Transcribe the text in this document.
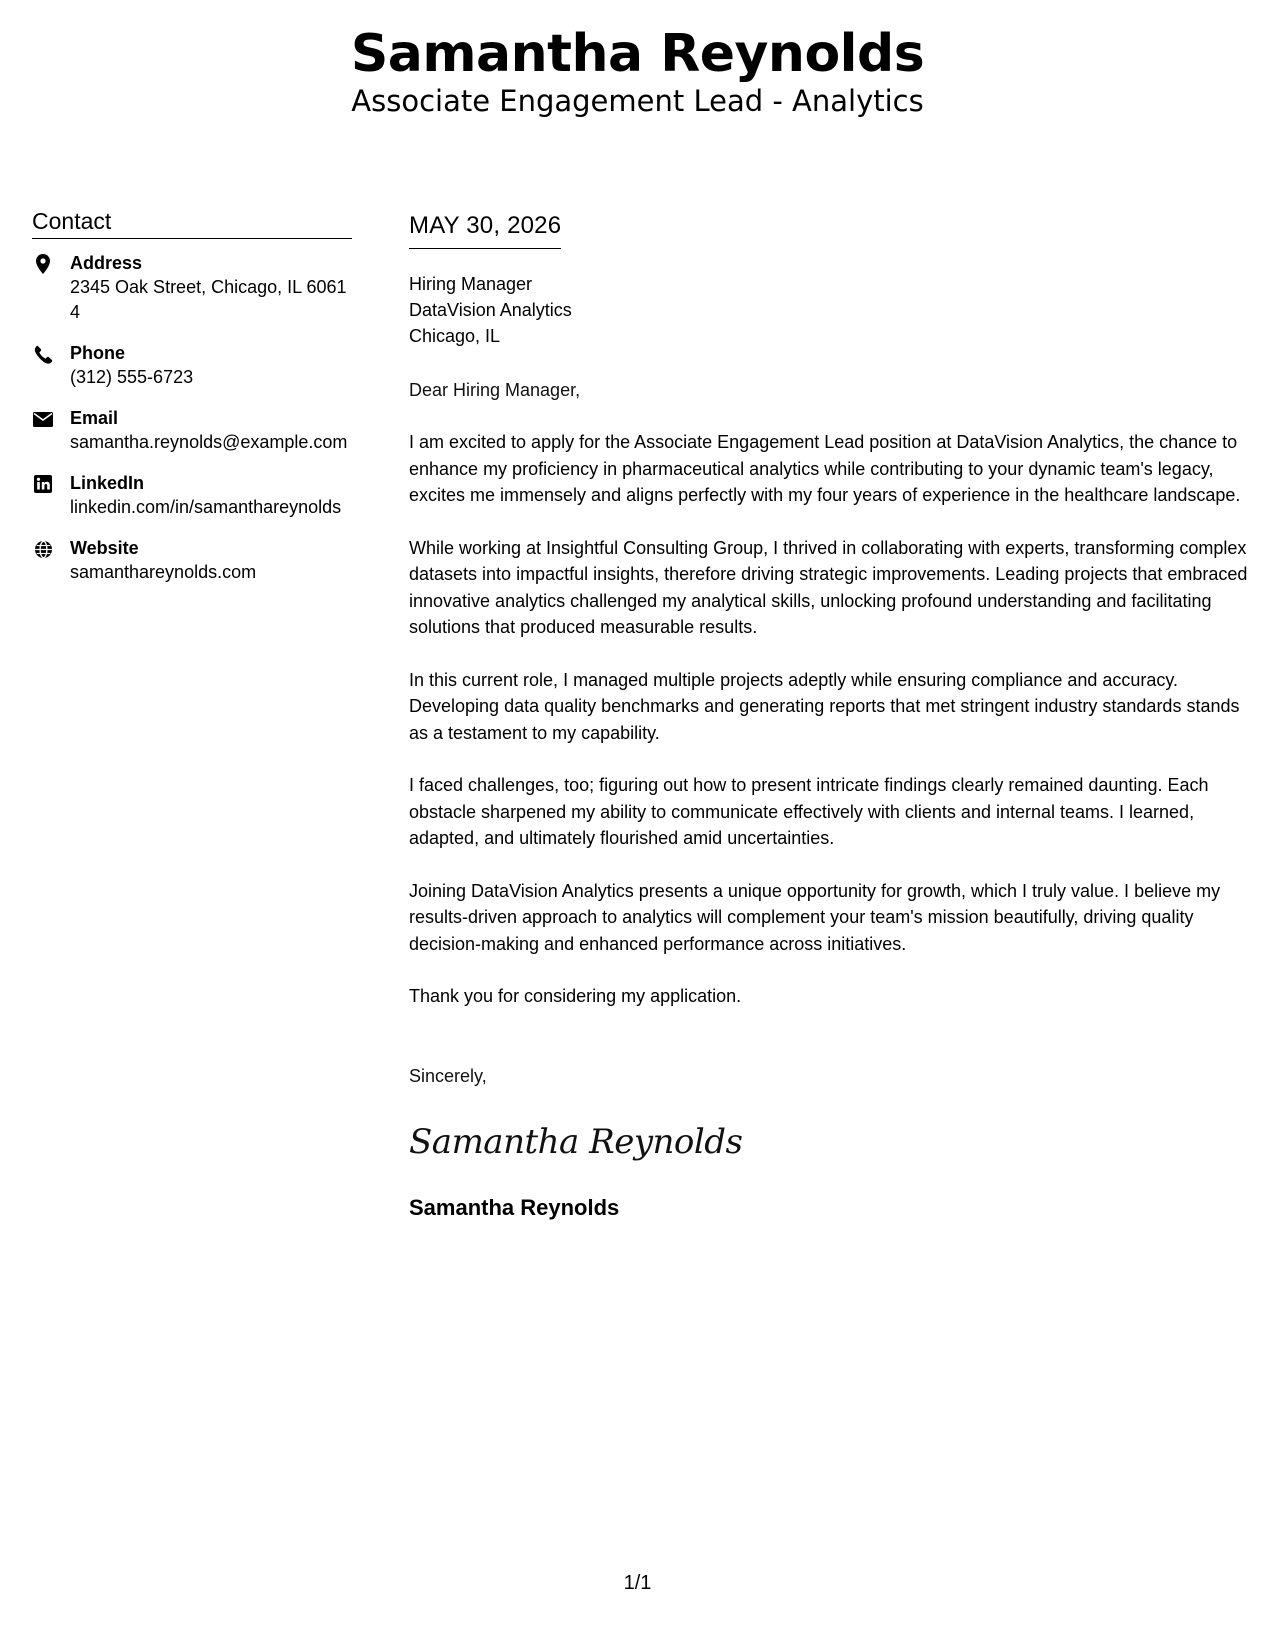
Samantha Reynolds
Associate Engagement Lead - Analytics
Contact
Address
2345 Oak Street, Chicago, IL 60614
Phone
(312) 555-6723
Email
samantha.reynolds@example.com
LinkedIn
linkedin.com/in/samanthareynolds
Website
samanthareynolds.com
MAY 30, 2026
Hiring Manager
DataVision Analytics
Chicago, IL
Dear Hiring Manager,
I am excited to apply for the Associate Engagement Lead position at DataVision Analytics, the chance to enhance my proficiency in pharmaceutical analytics while contributing to your dynamic team's legacy, excites me immensely and aligns perfectly with my four years of experience in the healthcare landscape.
While working at Insightful Consulting Group, I thrived in collaborating with experts, transforming complex datasets into impactful insights, therefore driving strategic improvements. Leading projects that embraced innovative analytics challenged my analytical skills, unlocking profound understanding and facilitating solutions that produced measurable results.
In this current role, I managed multiple projects adeptly while ensuring compliance and accuracy. Developing data quality benchmarks and generating reports that met stringent industry standards stands as a testament to my capability.
I faced challenges, too; figuring out how to present intricate findings clearly remained daunting. Each obstacle sharpened my ability to communicate effectively with clients and internal teams. I learned, adapted, and ultimately flourished amid uncertainties.
Joining DataVision Analytics presents a unique opportunity for growth, which I truly value. I believe my results-driven approach to analytics will complement your team's mission beautifully, driving quality decision-making and enhanced performance across initiatives.
Thank you for considering my application.
Sincerely,
Samantha Reynolds
Samantha Reynolds
1/1
